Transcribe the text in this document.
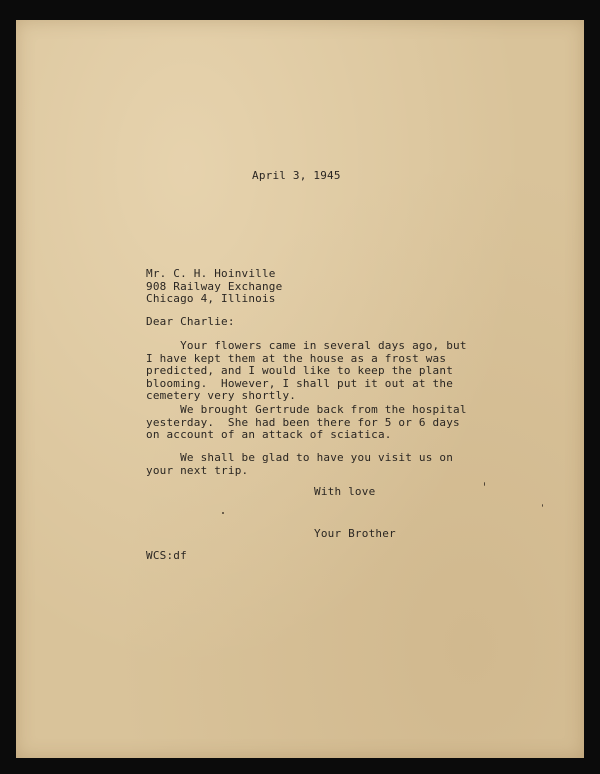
April 3, 1945
Mr. C. H. Hoinville
908 Railway Exchange
Chicago 4, Illinois
Dear Charlie:
Your flowers came in several days ago, but
I have kept them at the house as a frost was
predicted, and I would like to keep the plant
blooming.  However, I shall put it out at the
cemetery very shortly.
We brought Gertrude back from the hospital
yesterday.  She had been there for 5 or 6 days
on account of an attack of sciatica.
We shall be glad to have you visit us on
your next trip.
With love
Your Brother
WCS:df
